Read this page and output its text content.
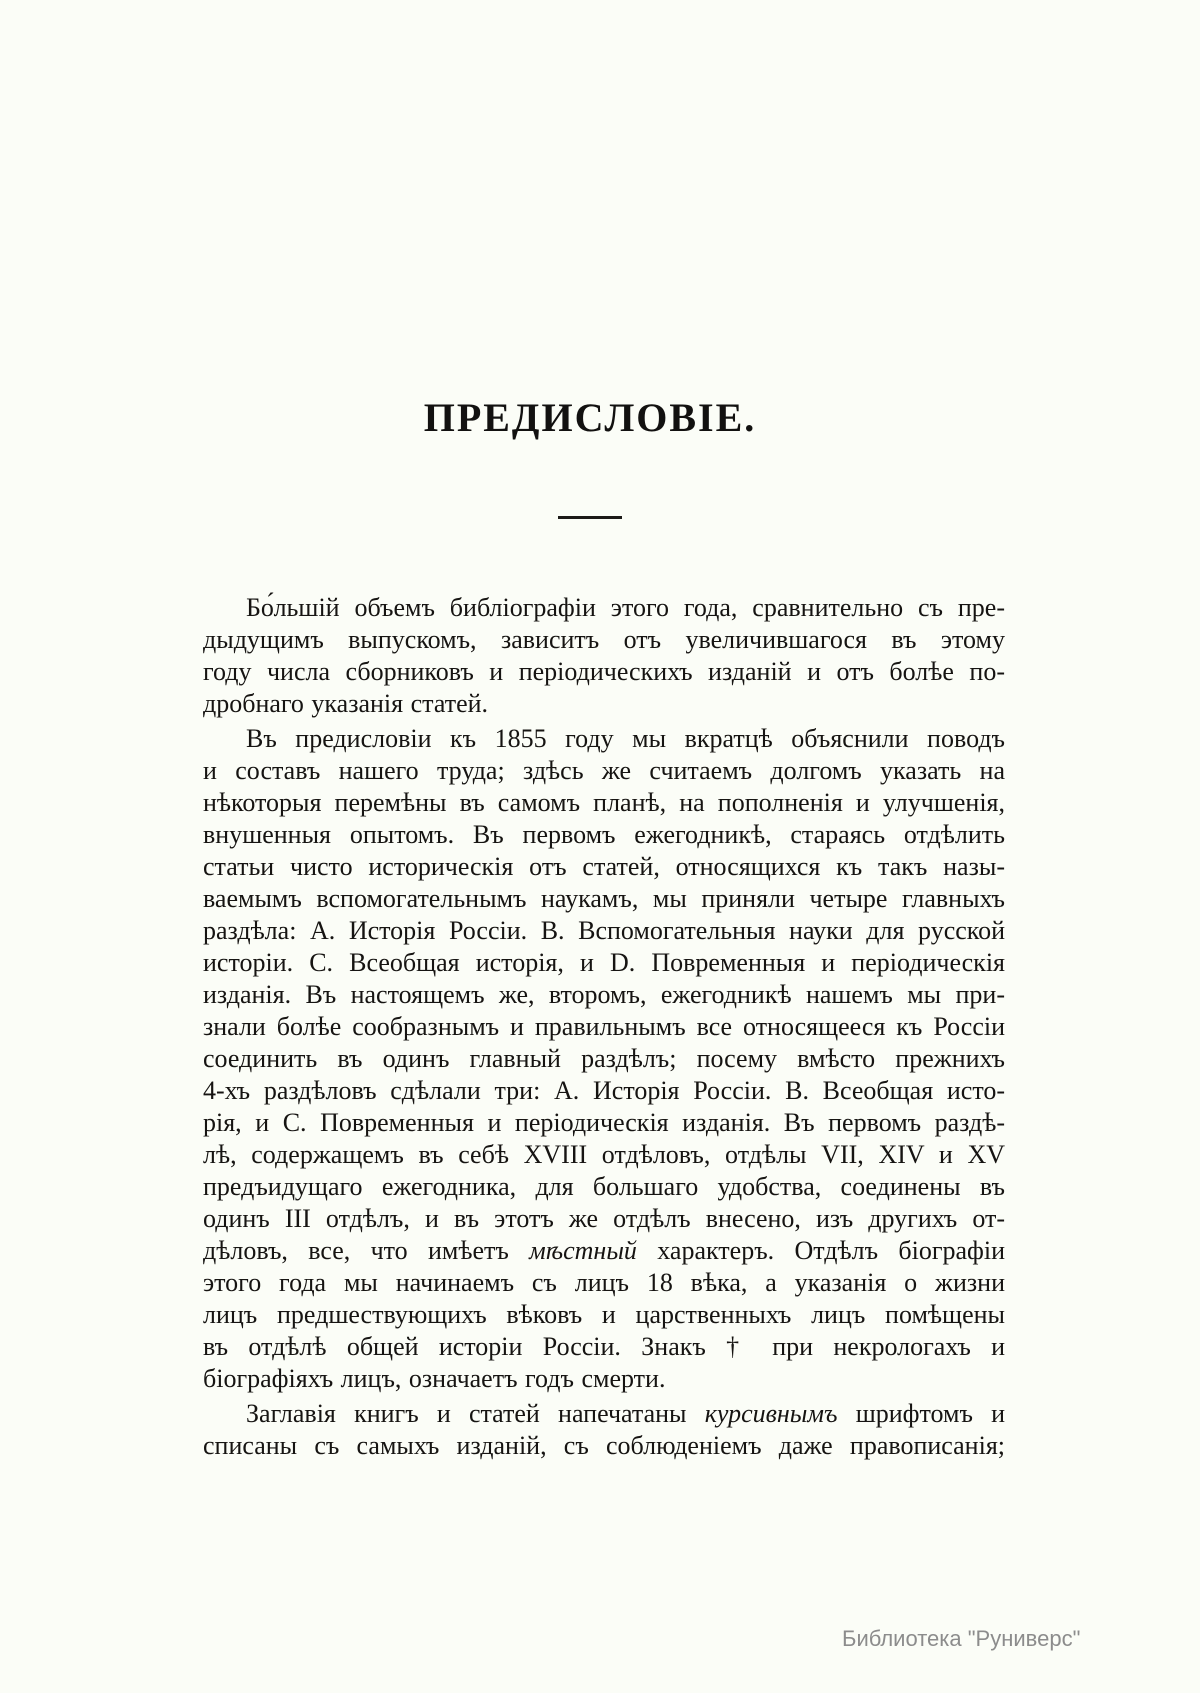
ПРЕДИСЛОВІЕ.
Бо́льшій объемъ библіографіи этого года, сравнительно съ пре-
дыдущимъ выпускомъ, зависитъ отъ увеличившагося въ этому
году числа сборниковъ и періодическихъ изданій и отъ болѣе по-
дробнаго указанія статей.
Въ предисловіи къ 1855 году мы вкратцѣ объяснили поводъ
и составъ нашего труда; здѣсь же считаемъ долгомъ указать на
нѣкоторыя перемѣны въ самомъ планѣ, на пополненія и улучшенія,
внушенныя опытомъ. Въ первомъ ежегодникѣ, стараясь отдѣлить
статьи чисто историческія отъ статей, относящихся къ такъ назы-
ваемымъ вспомогательнымъ наукамъ, мы приняли четыре главныхъ
раздѣла: А. Исторія Россіи. В. Вспомогательныя науки для русской
исторіи. С. Всеобщая исторія, и D. Повременныя и періодическія
изданія. Въ настоящемъ же, второмъ, ежегодникѣ нашемъ мы при-
знали болѣе сообразнымъ и правильнымъ все относящееся къ Россіи
соединить въ одинъ главный раздѣлъ; посему вмѣсто прежнихъ
4-хъ раздѣловъ сдѣлали три: А. Исторія Россіи. В. Всеобщая исто-
рія, и С. Повременныя и періодическія изданія. Въ первомъ раздѣ-
лѣ, содержащемъ въ себѣ XVIII отдѣловъ, отдѣлы VII, XIV и XV
предъидущаго ежегодника, для большаго удобства, соединены въ
одинъ III отдѣлъ, и въ этотъ же отдѣлъ внесено, изъ другихъ от-
дѣловъ, все, что имѣетъ мѣстный характеръ. Отдѣлъ біографіи
этого года мы начинаемъ съ лицъ 18 вѣка, а указанія о жизни
лицъ предшествующихъ вѣковъ и царственныхъ лицъ помѣщены
въ отдѣлѣ общей исторіи Россіи. Знакъ † при некрологахъ и
біографіяхъ лицъ, означаетъ годъ смерти.
Заглавія книгъ и статей напечатаны курсивнымъ шрифтомъ и
списаны съ самыхъ изданій, съ соблюденіемъ даже правописанія;
Библиотека "Руниверс"
